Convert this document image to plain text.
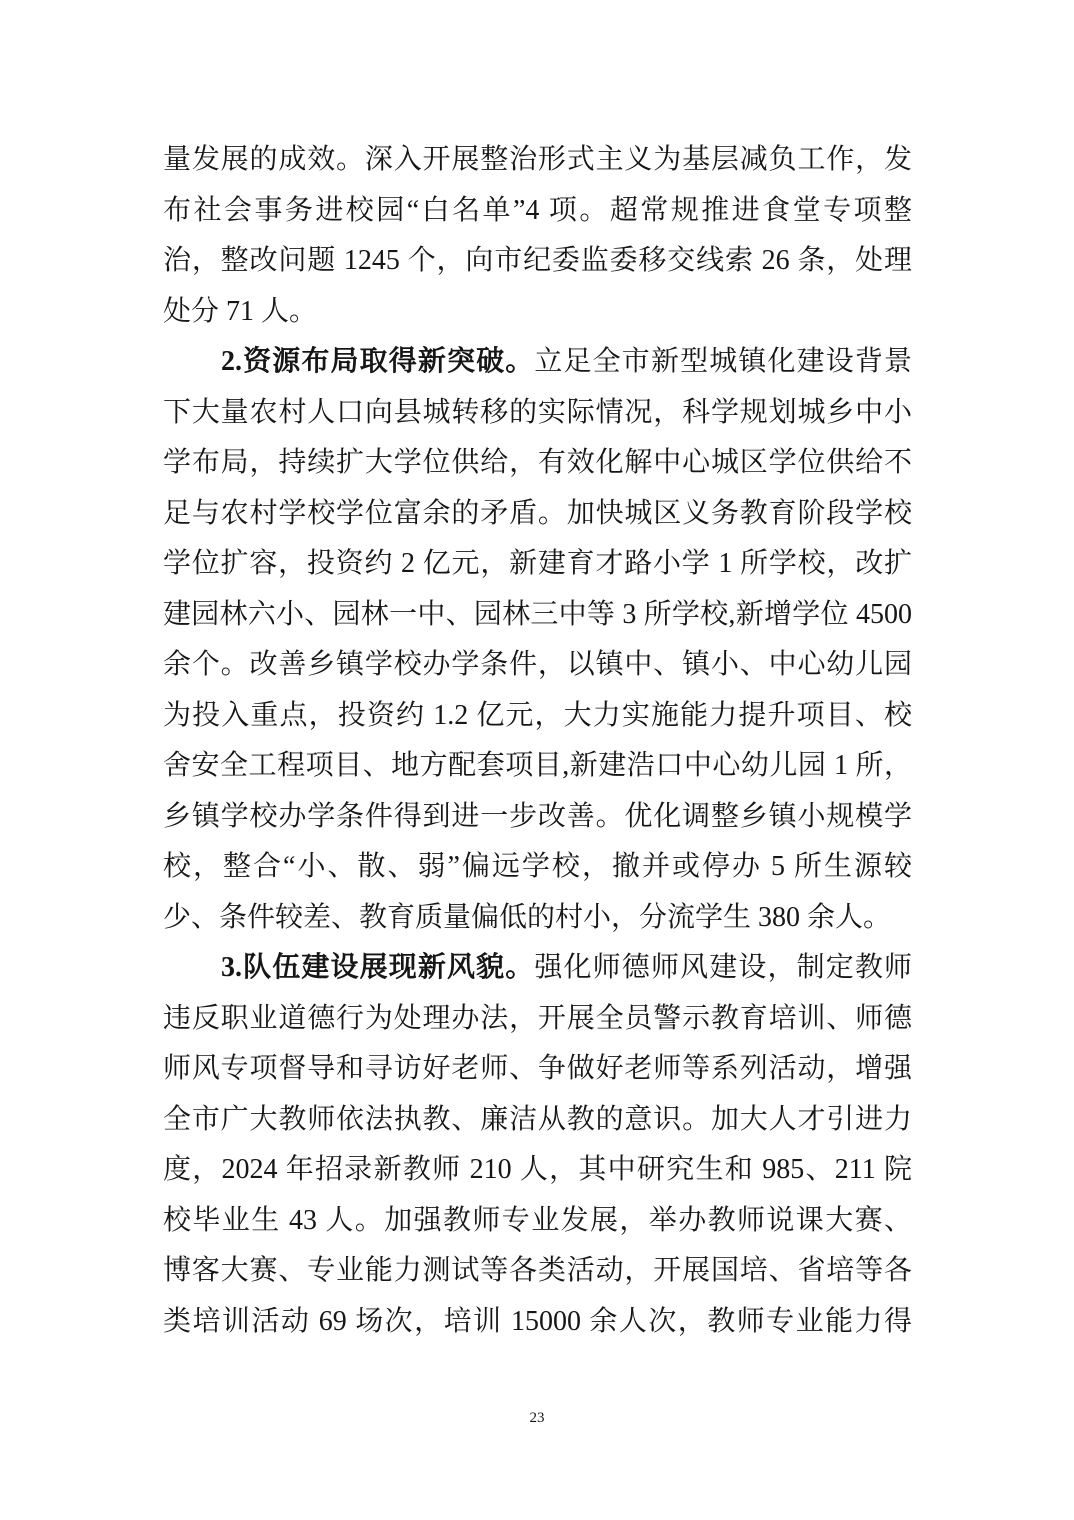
量发展的成效。深入开展整治形式主义为基层减负工作，发
布社会事务进校园“白名单”4 项。超常规推进食堂专项整
治，整改问题 1245 个，向市纪委监委移交线索 26 条，处理
处分 71 人。
2.资源布局取得新突破。立足全市新型城镇化建设背景
下大量农村人口向县城转移的实际情况，科学规划城乡中小
学布局，持续扩大学位供给，有效化解中心城区学位供给不
足与农村学校学位富余的矛盾。加快城区义务教育阶段学校
学位扩容，投资约 2 亿元，新建育才路小学 1 所学校，改扩
建园林六小、园林一中、园林三中等 3 所学校,新增学位 4500
余个。改善乡镇学校办学条件，以镇中、镇小、中心幼儿园
为投入重点，投资约 1.2 亿元，大力实施能力提升项目、校
舍安全工程项目、地方配套项目,新建浩口中心幼儿园 1 所，
乡镇学校办学条件得到进一步改善。优化调整乡镇小规模学
校，整合“小、散、弱”偏远学校，撤并或停办 5 所生源较
少、条件较差、教育质量偏低的村小，分流学生 380 余人。
3.队伍建设展现新风貌。强化师德师风建设，制定教师
违反职业道德行为处理办法，开展全员警示教育培训、师德
师风专项督导和寻访好老师、争做好老师等系列活动，增强
全市广大教师依法执教、廉洁从教的意识。加大人才引进力
度，2024 年招录新教师 210 人，其中研究生和 985、211 院
校毕业生 43 人。加强教师专业发展，举办教师说课大赛、
博客大赛、专业能力测试等各类活动，开展国培、省培等各
类培训活动 69 场次，培训 15000 余人次，教师专业能力得
23
